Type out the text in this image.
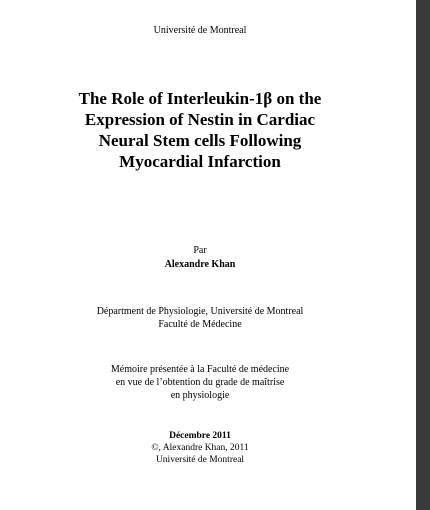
Université de Montreal
The Role of Interleukin-1β on the
Expression of Nestin in Cardiac
Neural Stem cells Following
Myocardial Infarction
Par
Alexandre Khan
Départment de Physiologie, Université de Montreal
Faculté de Médecine
Mémoire présentée à la Faculté de médecine
en vue de l’obtention du grade de maîtrise
en physiologie
Décembre 2011
©, Alexandre Khan, 2011
Université de Montreal
